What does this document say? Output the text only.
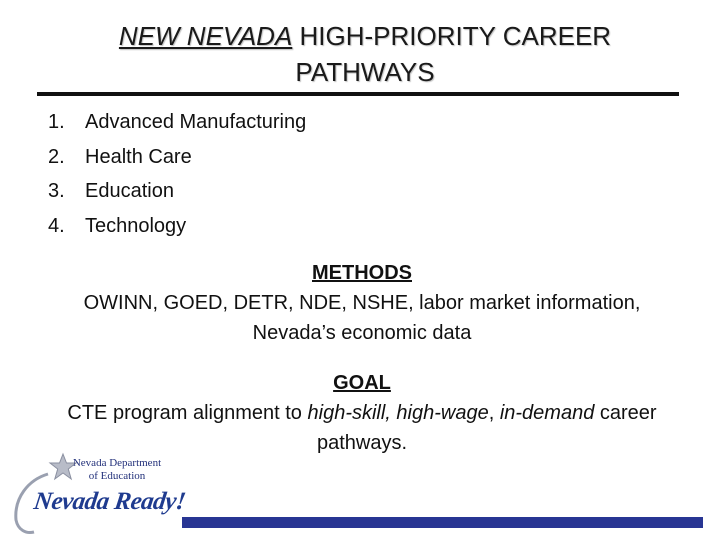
NEW NEVADA HIGH-PRIORITY CAREER PATHWAYS
1.	Advanced Manufacturing
2.	Health Care
3.	Education
4.	Technology
METHODS
OWINN, GOED, DETR, NDE, NSHE, labor market information, Nevada’s economic data
GOAL
CTE program alignment to high-skill, high-wage, in-demand career pathways.
Nevada Department
of Education
Nevada Ready!
